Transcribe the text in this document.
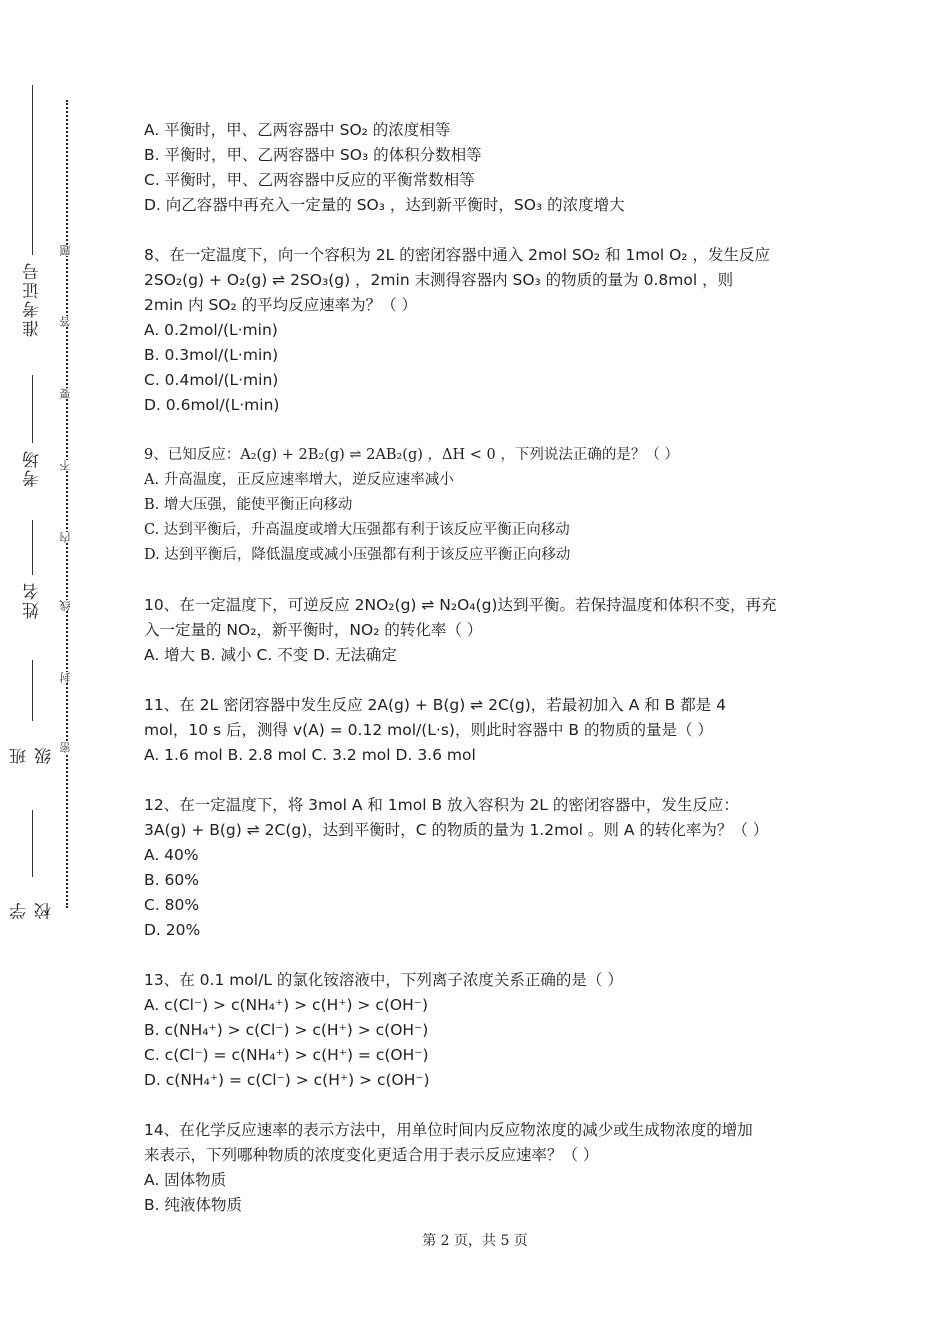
学校
班级
姓名
考场
准考证号
密
封
线
内
不
要
答
题
A. 平衡时，甲、乙两容器中 SO₂ 的浓度相等
B. 平衡时，甲、乙两容器中 SO₃ 的体积分数相等
C. 平衡时，甲、乙两容器中反应的平衡常数相等
D. 向乙容器中再充入一定量的 SO₃ ，达到新平衡时，SO₃ 的浓度增大
8、在一定温度下，向一个容积为 2L 的密闭容器中通入 2mol SO₂ 和 1mol O₂ ，发生反应
2SO₂(g) + O₂(g) ⇌ 2SO₃(g) ，2min 末测得容器内 SO₃ 的物质的量为 0.8mol ，则
2min 内 SO₂ 的平均反应速率为？（ ）
A. 0.2mol/(L·min)
B. 0.3mol/(L·min)
C. 0.4mol/(L·min)
D. 0.6mol/(L·min)
9、已知反应：A₂(g) + 2B₂(g) ⇌ 2AB₂(g) ，ΔH < 0 ，下列说法正确的是？（ ）
A. 升高温度，正反应速率增大，逆反应速率减小
B. 增大压强，能使平衡正向移动
C. 达到平衡后，升高温度或增大压强都有利于该反应平衡正向移动
D. 达到平衡后，降低温度或减小压强都有利于该反应平衡正向移动
10、在一定温度下，可逆反应 2NO₂(g) ⇌ N₂O₄(g)达到平衡。若保持温度和体积不变，再充
入一定量的 NO₂，新平衡时，NO₂ 的转化率（ ）
A. 增大 B. 减小 C. 不变 D. 无法确定
11、在 2L 密闭容器中发生反应 2A(g) + B(g) ⇌ 2C(g)，若最初加入 A 和 B 都是 4
mol，10 s 后，测得 v(A) = 0.12 mol/(L·s)，则此时容器中 B 的物质的量是（ ）
A. 1.6 mol B. 2.8 mol C. 3.2 mol D. 3.6 mol
12、在一定温度下，将 3mol A 和 1mol B 放入容积为 2L 的密闭容器中，发生反应：
3A(g) + B(g) ⇌ 2C(g)，达到平衡时，C 的物质的量为 1.2mol 。则 A 的转化率为？（ ）
A. 40%
B. 60%
C. 80%
D. 20%
13、在 0.1 mol/L 的氯化铵溶液中，下列离子浓度关系正确的是（ ）
A. c(Cl⁻) > c(NH₄⁺) > c(H⁺) > c(OH⁻)
B. c(NH₄⁺) > c(Cl⁻) > c(H⁺) > c(OH⁻)
C. c(Cl⁻) = c(NH₄⁺) > c(H⁺) = c(OH⁻)
D. c(NH₄⁺) = c(Cl⁻) > c(H⁺) > c(OH⁻)
14、在化学反应速率的表示方法中，用单位时间内反应物浓度的减少或生成物浓度的增加
来表示，下列哪种物质的浓度变化更适合用于表示反应速率？（ ）
A. 固体物质
B. 纯液体物质
第 2 页，共 5 页
